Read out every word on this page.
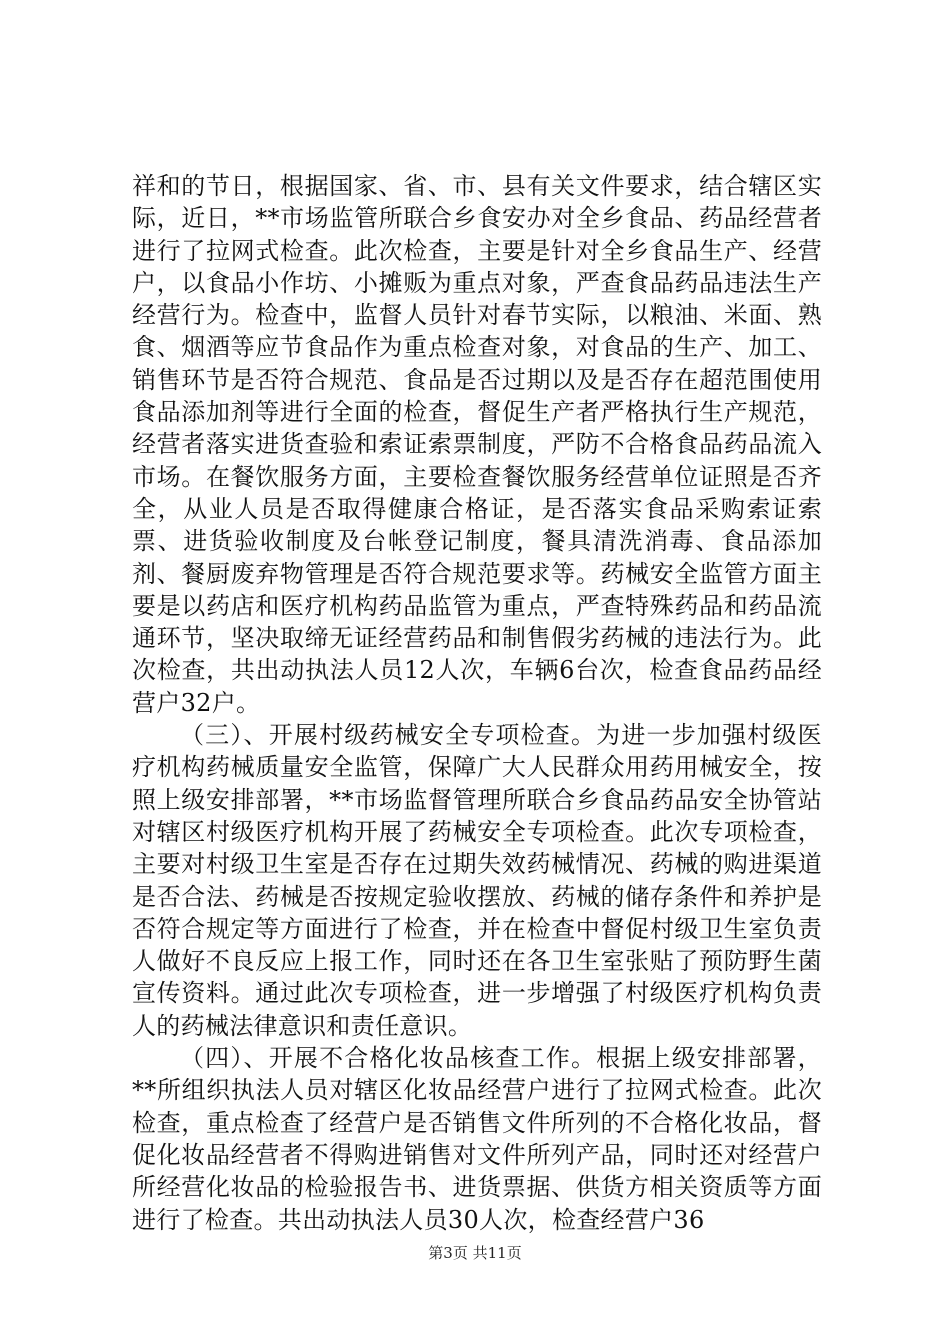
祥和的节日，根据国家、省、市、县有关文件要求，结合辖区实际，近日，**市场监管所联合乡食安办对全乡食品、药品经营者进行了拉网式检查。此次检查，主要是针对全乡食品生产、经营户，以食品小作坊、小摊贩为重点对象，严查食品药品违法生产经营行为。检查中，监督人员针对春节实际，以粮油、米面、熟食、烟酒等应节食品作为重点检查对象，对食品的生产、加工、销售环节是否符合规范、食品是否过期以及是否存在超范围使用食品添加剂等进行全面的检查，督促生产者严格执行生产规范，经营者落实进货查验和索证索票制度，严防不合格食品药品流入市场。在餐饮服务方面，主要检查餐饮服务经营单位证照是否齐全，从业人员是否取得健康合格证，是否落实食品采购索证索票、进货验收制度及台帐登记制度，餐具清洗消毒、食品添加剂、餐厨废弃物管理是否符合规范要求等。药械安全监管方面主要是以药店和医疗机构药品监管为重点，严查特殊药品和药品流通环节，坚决取缔无证经营药品和制售假劣药械的违法行为。此次检查，共出动执法人员12人次，车辆6台次，检查食品药品经营户32户。

（三）、开展村级药械安全专项检查。为进一步加强村级医疗机构药械质量安全监管，保障广大人民群众用药用械安全，按照上级安排部署，**市场监督管理所联合乡食品药品安全协管站对辖区村级医疗机构开展了药械安全专项检查。此次专项检查，主要对村级卫生室是否存在过期失效药械情况、药械的购进渠道是否合法、药械是否按规定验收摆放、药械的储存条件和养护是否符合规定等方面进行了检查，并在检查中督促村级卫生室负责人做好不良反应上报工作，同时还在各卫生室张贴了预防野生菌宣传资料。通过此次专项检查，进一步增强了村级医疗机构负责人的药械法律意识和责任意识。

（四）、开展不合格化妆品核查工作。根据上级安排部署，**所组织执法人员对辖区化妆品经营户进行了拉网式检查。此次检查，重点检查了经营户是否销售文件所列的不合格化妆品，督促化妆品经营者不得购进销售对文件所列产品，同时还对经营户所经营化妆品的检验报告书、进货票据、供货方相关资质等方面进行了检查。共出动执法人员30人次，检查经营户36

第3页 共11页
